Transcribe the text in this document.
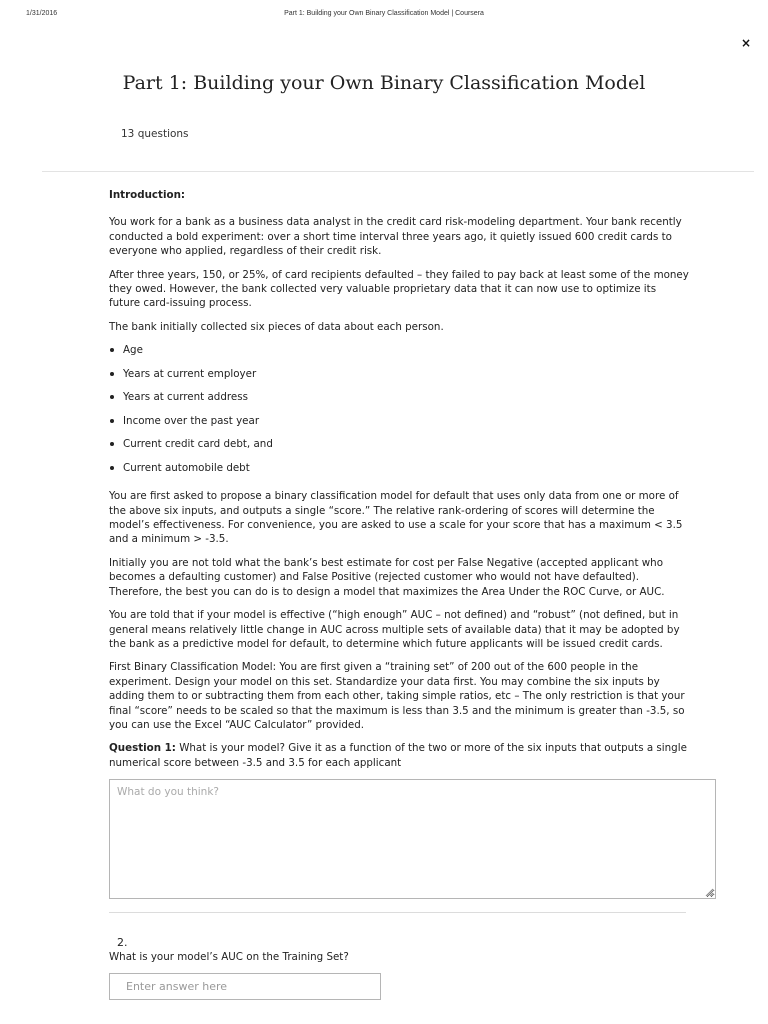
1/31/2016	Part 1: Building your Own Binary Classification Model | Coursera
×
Part 1: Building your Own Binary Classification Model
13 questions

Introduction:

You work for a bank as a business data analyst in the credit card risk-modeling department. Your bank recently conducted a bold experiment: over a short time interval three years ago, it quietly issued 600 credit cards to everyone who applied, regardless of their credit risk.

After three years, 150, or 25%, of card recipients defaulted – they failed to pay back at least some of the money they owed. However, the bank collected very valuable proprietary data that it can now use to optimize its future card-issuing process.

The bank initially collected six pieces of data about each person.

Age
Years at current employer
Years at current address
Income over the past year
Current credit card debt, and
Current automobile debt

You are first asked to propose a binary classification model for default that uses only data from one or more of the above six inputs, and outputs a single “score.” The relative rank-ordering of scores will determine the model’s effectiveness. For convenience, you are asked to use a scale for your score that has a maximum < 3.5 and a minimum > -3.5.

Initially you are not told what the bank’s best estimate for cost per False Negative (accepted applicant who becomes a defaulting customer) and False Positive (rejected customer who would not have defaulted). Therefore, the best you can do is to design a model that maximizes the Area Under the ROC Curve, or AUC.

You are told that if your model is effective (“high enough” AUC – not defined) and “robust” (not defined, but in general means relatively little change in AUC across multiple sets of available data) that it may be adopted by the bank as a predictive model for default, to determine which future applicants will be issued credit cards.

First Binary Classification Model: You are first given a “training set” of 200 out of the 600 people in the experiment. Design your model on this set. Standardize your data first. You may combine the six inputs by adding them to or subtracting them from each other, taking simple ratios, etc – The only restriction is that your final “score” needs to be scaled so that the maximum is less than 3.5 and the minimum is greater than -3.5, so you can use the Excel “AUC Calculator” provided.

Question 1: What is your model? Give it as a function of the two or more of the six inputs that outputs a single numerical score between -3.5 and 3.5 for each applicant

What do you think?
2.
What is your model’s AUC on the Training Set?
Enter answer here
